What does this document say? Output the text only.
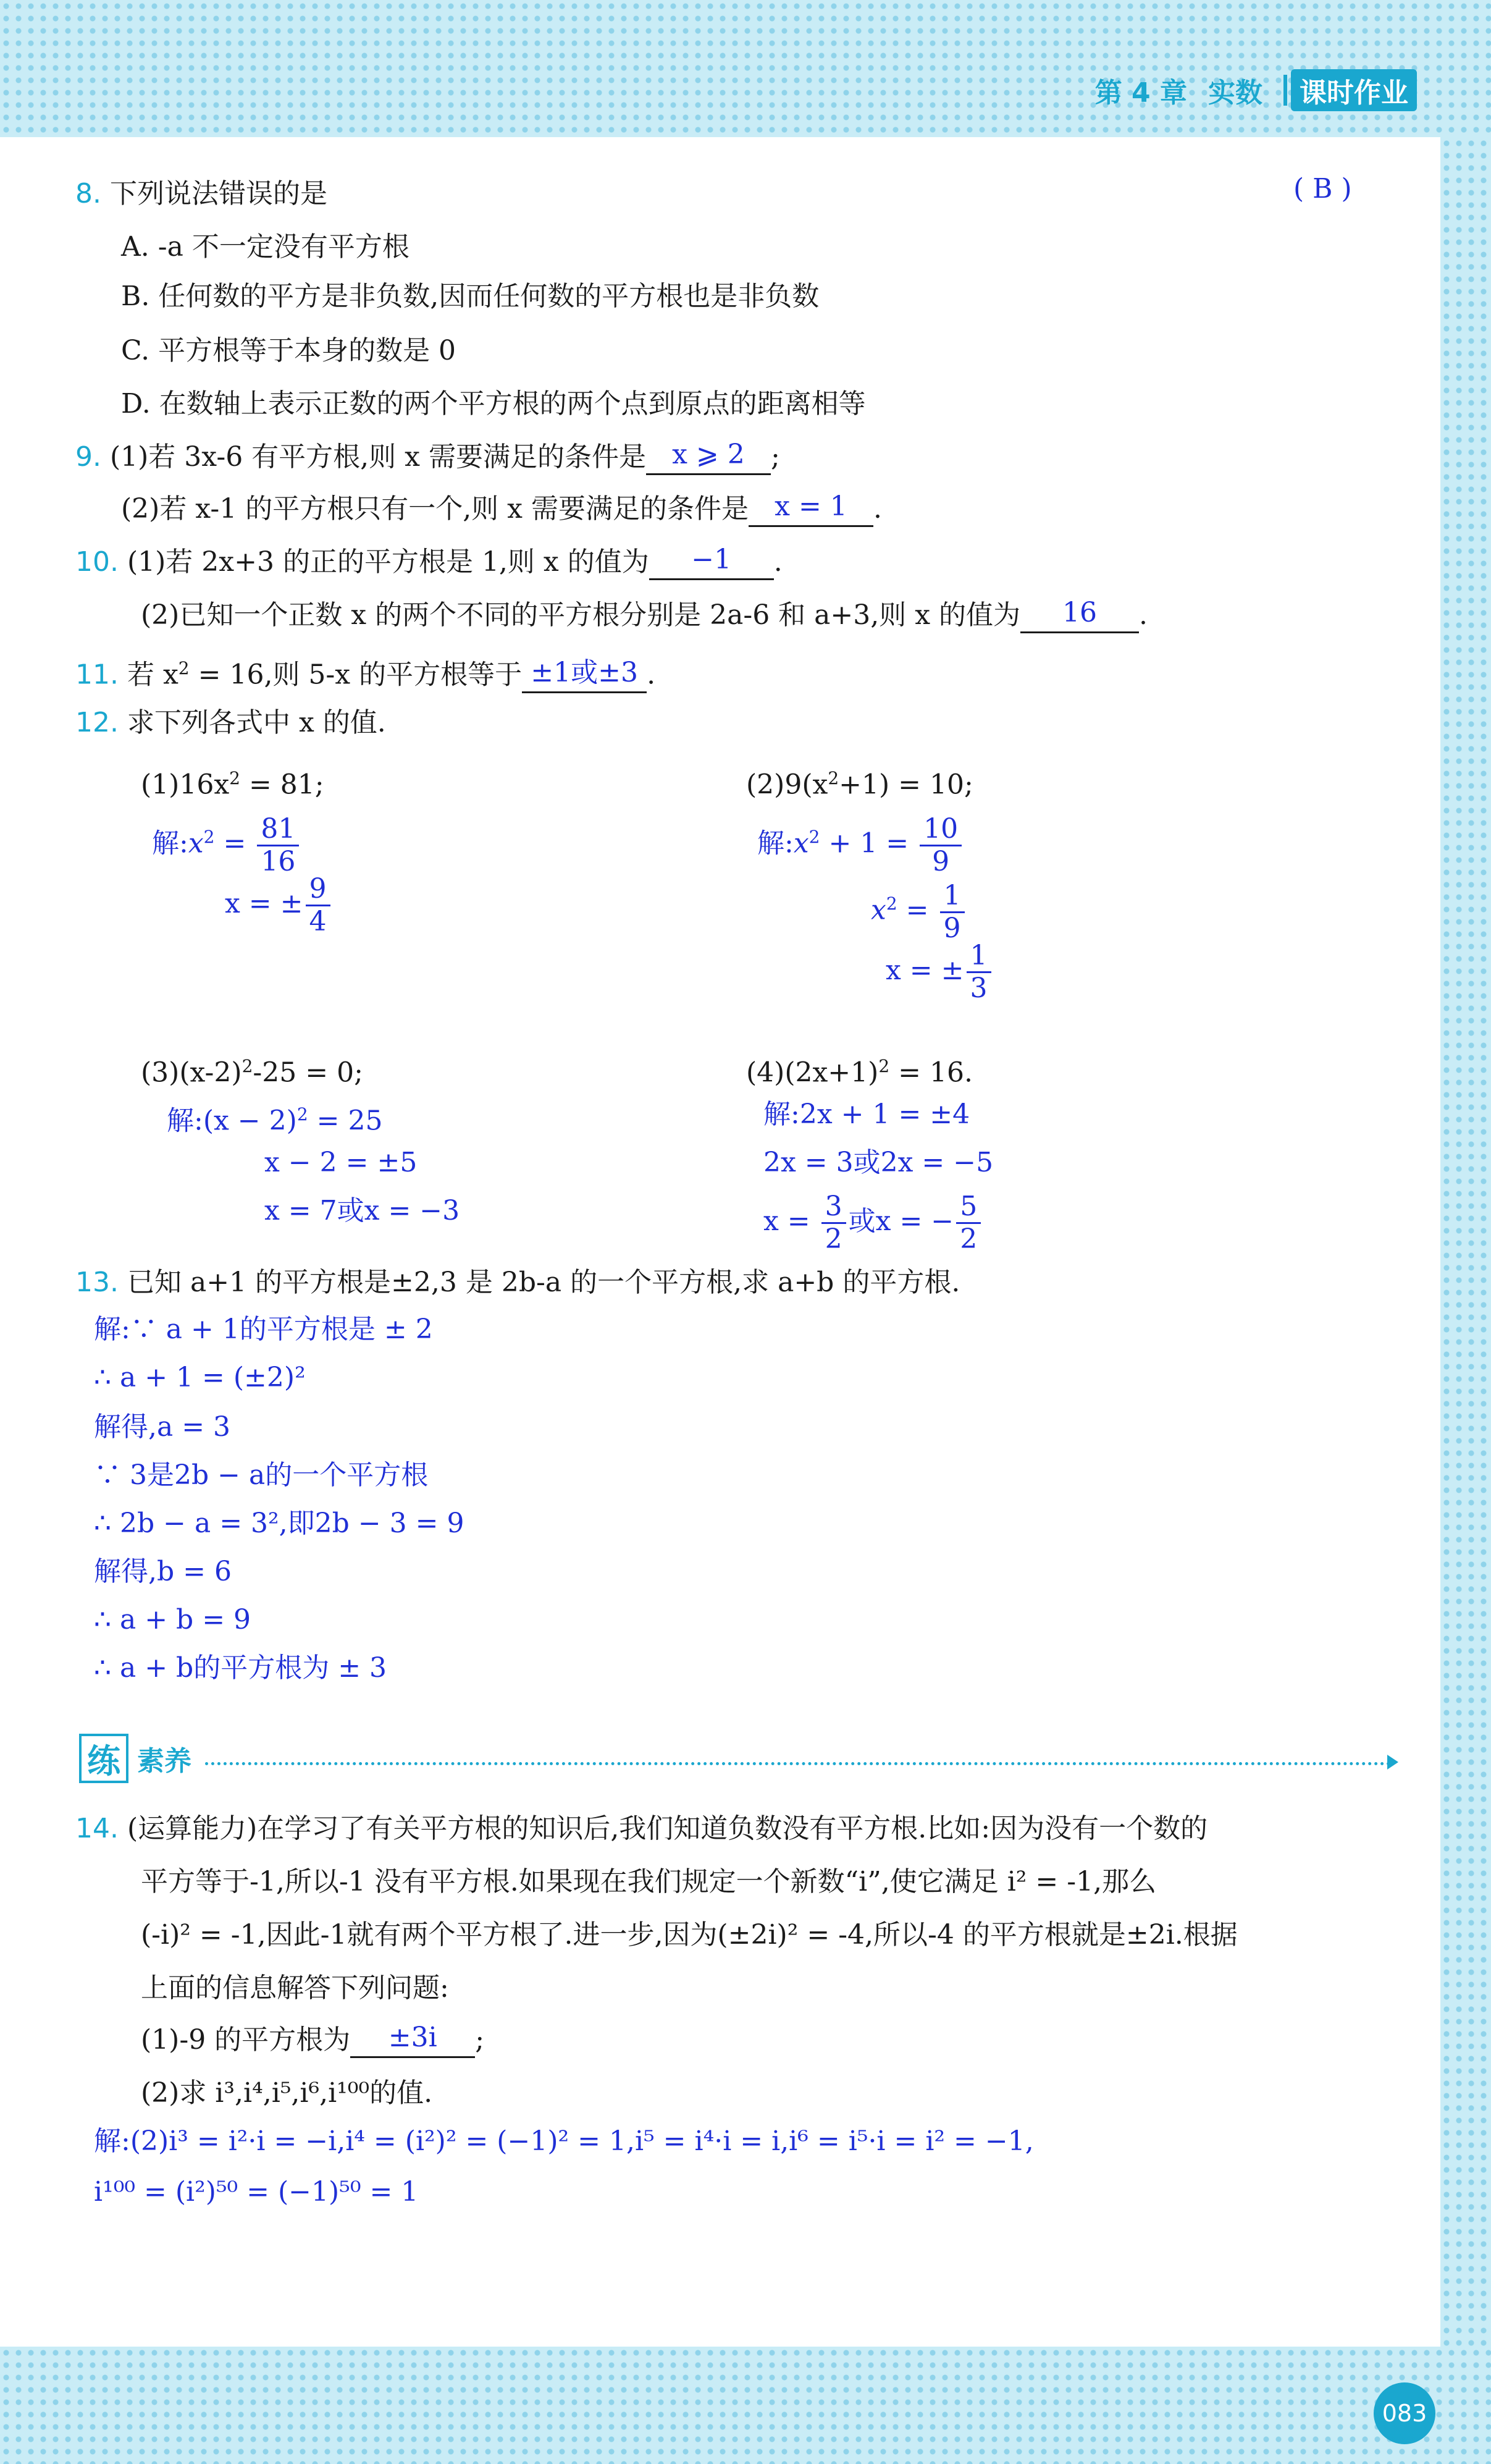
第 4 章 实数	课时作业
8. 下列说法错误的是	( B )
A. -a 不一定没有平方根
B. 任何数的平方是非负数,因而任何数的平方根也是非负数
C. 平方根等于本身的数是 0
D. 在数轴上表示正数的两个平方根的两个点到原点的距离相等
9. (1)若 3x-6 有平方根,则 x 需要满足的条件是 x ⩾ 2 ;
(2)若 x-1 的平方根只有一个,则 x 需要满足的条件是 x = 1 .
10. (1)若 2x+3 的正的平方根是 1,则 x 的值为 −1 .
(2)已知一个正数 x 的两个不同的平方根分别是 2a-6 和 a+3,则 x 的值为 16 .
11. 若 $x^2 = 16$,则 5-x 的平方根等于 ±1或±3 .
12. 求下列各式中 x 的值.
$(1)16x^2 = 81$;
解$:x^2 = \frac{81}{16}$
x = ± $\frac{9}{4}$
$(2)9(x^2+1) = 10$;
解$:x^2 + 1 = \frac{10}{9}$
$x^2 = \frac{1}{9}$
x = ± $\frac{1}{3}$
$(3)(x-2)^2-25 = 0$;
解:(x − 2)$^2$ = 25
x − 2 = ±5
x = 7或x = −3
$(4)(2x+1)^2 = 16$.
解:2x + 1 = ±4
2x = 3或2x = −5
$x = \frac{3}{2}$ 或x = − $\frac{5}{2}$
13. 已知 a+1 的平方根是±2,3 是 2b-a 的一个平方根,求 a+b 的平方根.
解:∵ a + 1的平方根是 ± 2
∴ a + 1 = (±2)²
解得,a = 3
∵ 3是2b − a的一个平方根
∴ 2b − a = 3²,即2b − 3 = 9
解得,b = 6
∴ a + b = 9
∴ a + b的平方根为 ± 3
练 素养
14. (运算能力)在学习了有关平方根的知识后,我们知道负数没有平方根.比如:因为没有一个数的
平方等于-1,所以-1 没有平方根.如果现在我们规定一个新数“i”,使它满足 i² = -1,那么
(-i)² = -1,因此-1就有两个平方根了.进一步,因为(±2i)² = -4,所以-4 的平方根就是±2i.根据
上面的信息解答下列问题:
(1)-9 的平方根为 ±3i ;
(2)求 i³,i⁴,i⁵,i⁶,i¹⁰⁰的值.
解:(2)i³ = i²·i = −i,i⁴ = (i²)² = (−1)² = 1,i⁵ = i⁴·i = i,i⁶ = i⁵·i = i² = −1,
i¹⁰⁰ = (i²)⁵⁰ = (−1)⁵⁰ = 1
083
